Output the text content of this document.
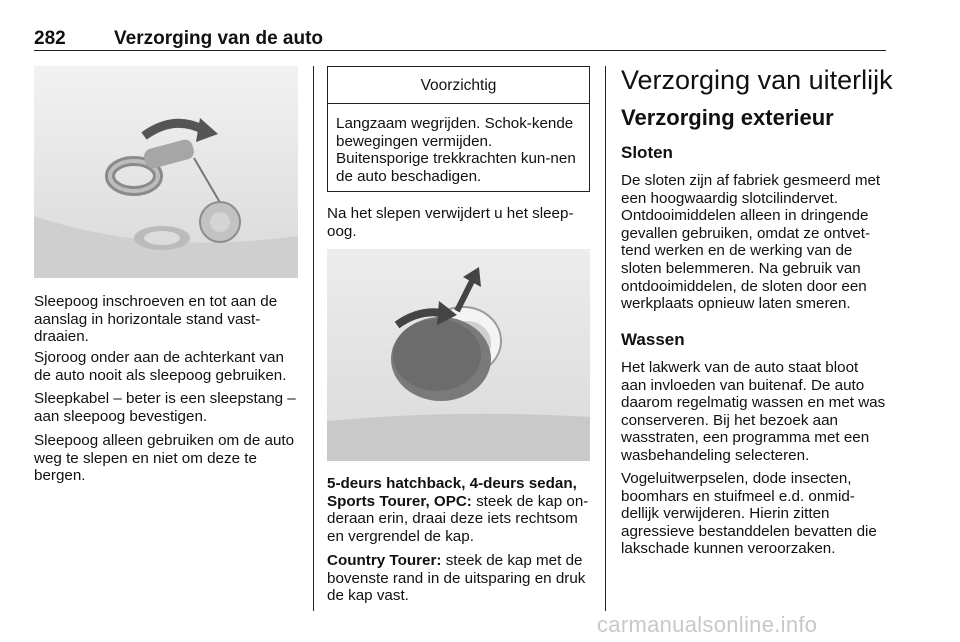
282	Verzorging van de auto

Sleepoog inschroeven en tot aan de aanslag in horizontale stand vast-draaien.

Sjoroog onder aan de achterkant van de auto nooit als sleepoog gebruiken.

Sleepkabel – beter is een sleepstang – aan sleepoog bevestigen.

Sleepoog alleen gebruiken om de auto weg te slepen en niet om deze te bergen.

Voorzichtig

Langzaam wegrijden. Schok-kende bewegingen vermijden. Buitensporige trekkrachten kun-nen de auto beschadigen.

Na het slepen verwijdert u het sleep-oog.

5-deurs hatchback, 4-deurs sedan, Sports Tourer, OPC: steek de kap on-deraan erin, draai deze iets rechtsom en vergrendel de kap.

Country Tourer: steek de kap met de bovenste rand in de uitsparing en druk de kap vast.

Verzorging van uiterlijk
Verzorging exterieur
Sloten

De sloten zijn af fabriek gesmeerd met een hoogwaardig slotcilindervet. Ontdooimiddelen alleen in dringende gevallen gebruiken, omdat ze ontvet-tend werken en de werking van de sloten belemmeren. Na gebruik van ontdooimiddelen, de sloten door een werkplaats opnieuw laten smeren.

Wassen

Het lakwerk van de auto staat bloot aan invloeden van buitenaf. De auto daarom regelmatig wassen en met was conserveren. Bij het bezoek aan wasstraten, een programma met een wasbehandeling selecteren.

Vogeluitwerpselen, dode insecten, boomhars en stuifmeel e.d. onmid-dellijk verwijderen. Hierin zitten agressieve bestanddelen bevatten die lakschade kunnen veroorzaken.

carmanualsonline.info
